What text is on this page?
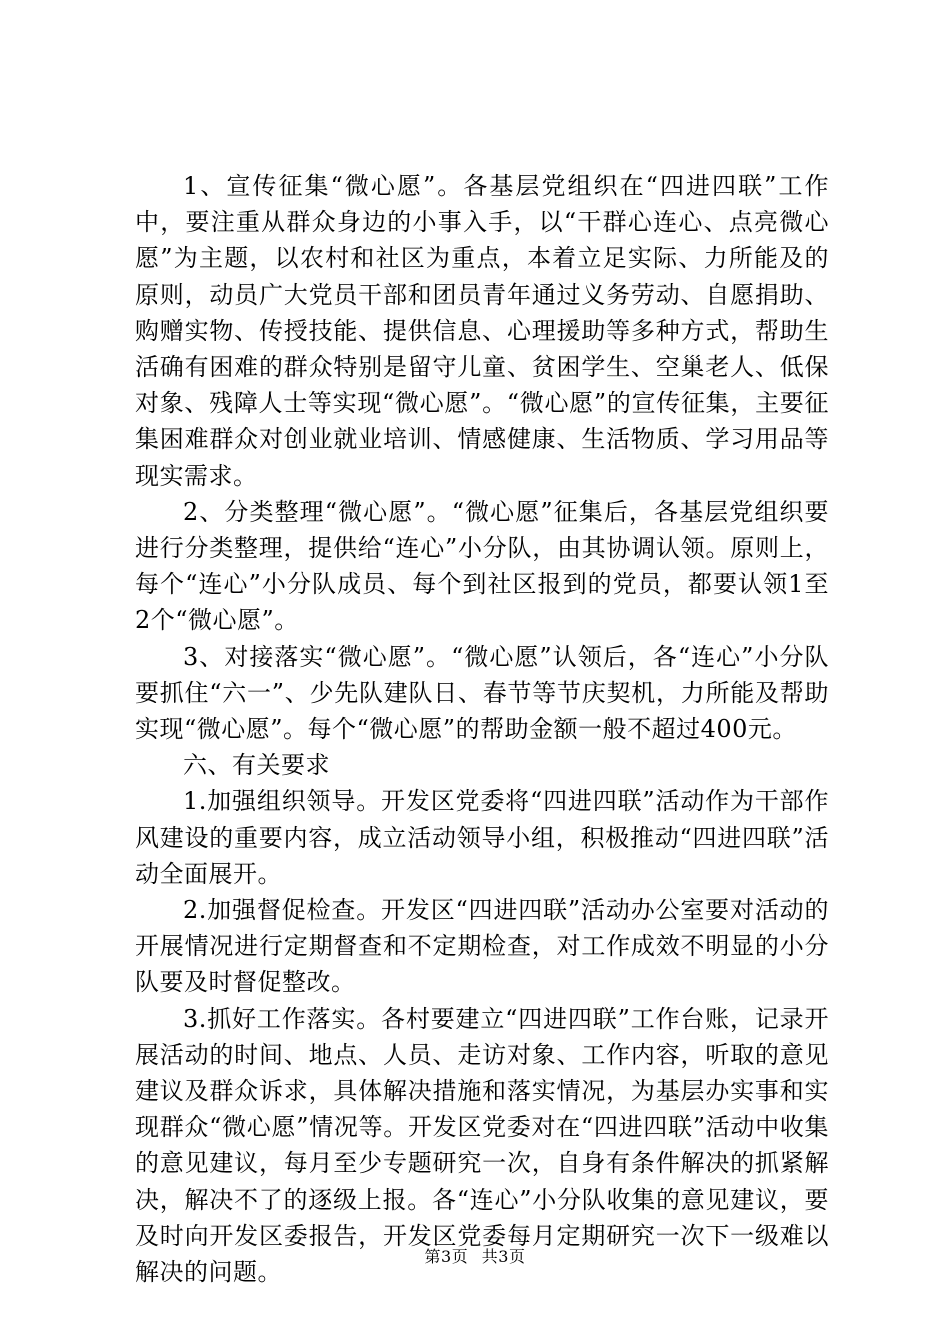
1、宣传征集“微心愿”。各基层党组织在“四进四联”工作中，要注重从群众身边的小事入手，以“干群心连心、点亮微心愿”为主题，以农村和社区为重点，本着立足实际、力所能及的原则，动员广大党员干部和团员青年通过义务劳动、自愿捐助、购赠实物、传授技能、提供信息、心理援助等多种方式，帮助生活确有困难的群众特别是留守儿童、贫困学生、空巢老人、低保对象、残障人士等实现“微心愿”。“微心愿”的宣传征集，主要征集困难群众对创业就业培训、情感健康、生活物质、学习用品等现实需求。

2、分类整理“微心愿”。“微心愿”征集后，各基层党组织要进行分类整理，提供给“连心”小分队，由其协调认领。原则上，每个“连心”小分队成员、每个到社区报到的党员，都要认领1至2个“微心愿”。

3、对接落实“微心愿”。“微心愿”认领后，各“连心”小分队要抓住“六一”、少先队建队日、春节等节庆契机，力所能及帮助实现“微心愿”。每个“微心愿”的帮助金额一般不超过400元。

六、有关要求

1.加强组织领导。开发区党委将“四进四联”活动作为干部作风建设的重要内容，成立活动领导小组，积极推动“四进四联”活动全面展开。

2.加强督促检查。开发区“四进四联”活动办公室要对活动的开展情况进行定期督查和不定期检查，对工作成效不明显的小分队要及时督促整改。

3.抓好工作落实。各村要建立“四进四联”工作台账，记录开展活动的时间、地点、人员、走访对象、工作内容，听取的意见建议及群众诉求，具体解决措施和落实情况，为基层办实事和实现群众“微心愿”情况等。开发区党委对在“四进四联”活动中收集的意见建议，每月至少专题研究一次，自身有条件解决的抓紧解决，解决不了的逐级上报。各“连心”小分队收集的意见建议，要及时向开发区委报告，开发区党委每月定期研究一次下一级难以解决的问题。

第3页 共3页
